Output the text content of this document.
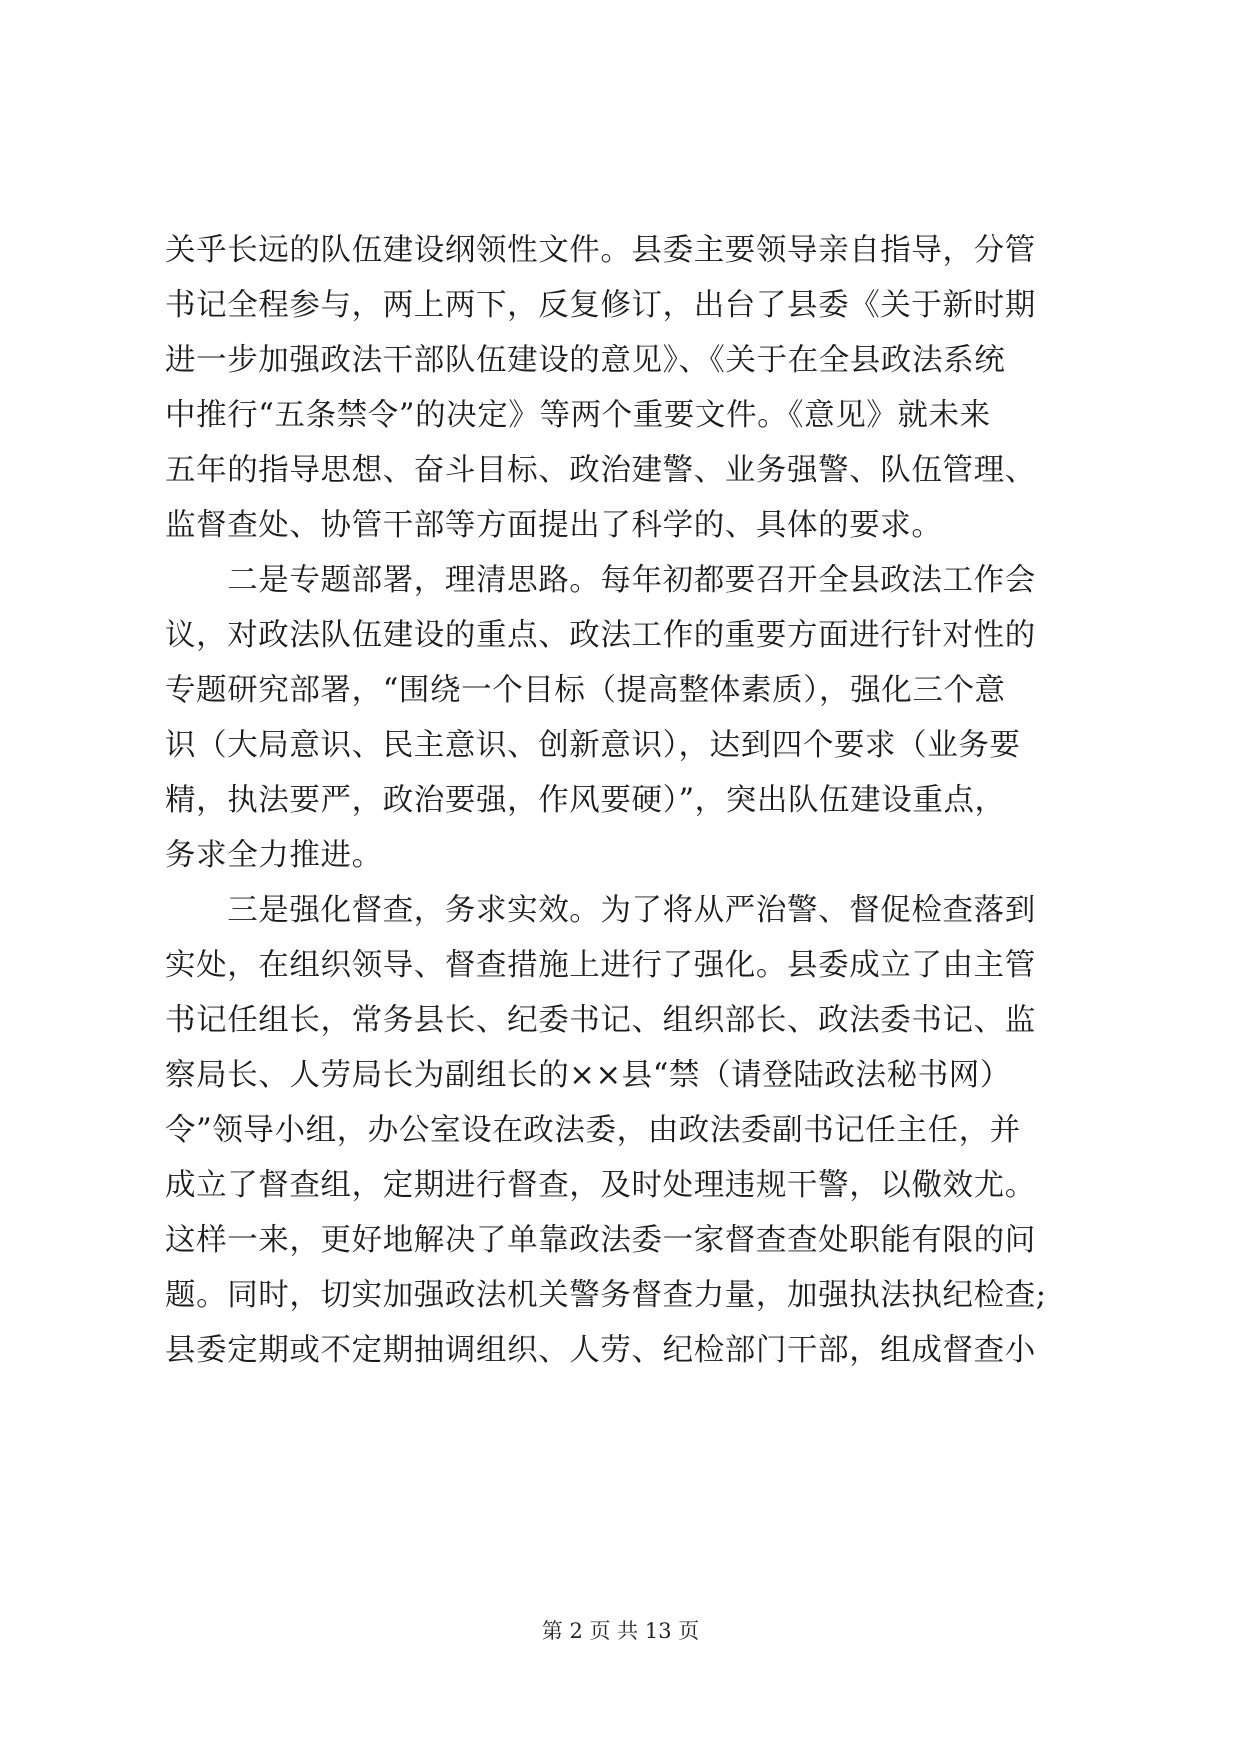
关乎长远的队伍建设纲领性文件。县委主要领导亲自指导，分管
书记全程参与，两上两下，反复修订，出台了县委《关于新时期
进一步加强政法干部队伍建设的意见》、《关于在全县政法系统
中推行“五条禁令”的决定》等两个重要文件。《意见》就未来
五年的指导思想、奋斗目标、政治建警、业务强警、队伍管理、
监督查处、协管干部等方面提出了科学的、具体的要求。
　　二是专题部署，理清思路。每年初都要召开全县政法工作会
议，对政法队伍建设的重点、政法工作的重要方面进行针对性的
专题研究部署，“围绕一个目标（提高整体素质），强化三个意
识（大局意识、民主意识、创新意识），达到四个要求（业务要
精，执法要严，政治要强，作风要硬）”，突出队伍建设重点，
务求全力推进。
　　三是强化督查，务求实效。为了将从严治警、督促检查落到
实处，在组织领导、督查措施上进行了强化。县委成立了由主管
书记任组长，常务县长、纪委书记、组织部长、政法委书记、监
察局长、人劳局长为副组长的××县“禁（请登陆政法秘书网）
令”领导小组，办公室设在政法委，由政法委副书记任主任，并
成立了督查组，定期进行督查，及时处理违规干警，以儆效尤。
这样一来，更好地解决了单靠政法委一家督查查处职能有限的问
题。同时，切实加强政法机关警务督查力量，加强执法执纪检查;
县委定期或不定期抽调组织、人劳、纪检部门干部，组成督查小
第 2 页 共 13 页
